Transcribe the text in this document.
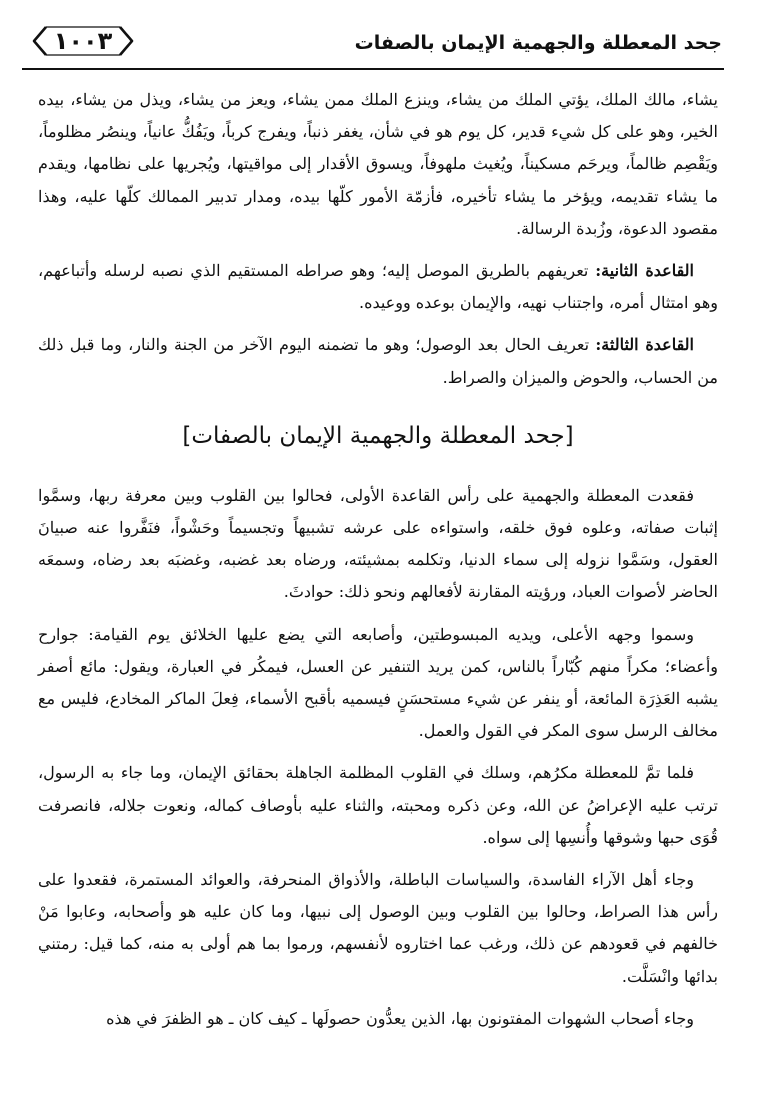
جحد المعطلة والجهمية الإيمان بالصفات
١٠٠٣

يشاء، مالك الملك، يؤتي الملك من يشاء، وينزع الملك ممن يشاء، ويعز من يشاء، ويذل من يشاء، بيده الخير، وهو على كل شيء قدير، كل يوم هو في شأن، يغفر ذنباً، ويفرج كرباً، ويَفُكُّ عانياً، وينصُر مظلوماً، ويَقْصِم ظالماً، ويرحَم مسكيناً، ويُغيث ملهوفاً، ويسوق الأقدار إلى مواقيتها، ويُجريها على نظامها، ويقدم ما يشاء تقديمه، ويؤخر ما يشاء تأخيره، فأزمّة الأمور كلّها بيده، ومدار تدبير الممالك كلّها عليه، وهذا مقصود الدعوة، وزُبدة الرسالة.

القاعدة الثانية: تعريفهم بالطريق الموصل إليه؛ وهو صراطه المستقيم الذي نصبه لرسله وأتباعهم، وهو امتثال أمره، واجتناب نهيه، والإيمان بوعده ووعيده.

القاعدة الثالثة: تعريف الحال بعد الوصول؛ وهو ما تضمنه اليوم الآخر من الجنة والنار، وما قبل ذلك من الحساب، والحوض والميزان والصراط.

[جحد المعطلة والجهمية الإيمان بالصفات]

فقعدت المعطلة والجهمية على رأس القاعدة الأولى، فحالوا بين القلوب وبين معرفة ربها، وسمَّوا إثبات صفاته، وعلوه فوق خلقه، واستواءه على عرشه تشبيهاً وتجسيماً وحَشْواً، فنَفَّروا عنه صبيانَ العقول، وسَمَّوا نزوله إلى سماء الدنيا، وتكلمه بمشيئته، ورضاه بعد غضبه، وغضبَه بعد رضاه، وسمعَه الحاضر لأصوات العباد، ورؤيته المقارنة لأفعالهم ونحو ذلك: حوادثَ.

وسموا وجهه الأعلى، ويديه المبسوطتين، وأصابعه التي يضع عليها الخلائق يوم القيامة: جوارح وأعضاء؛ مكراً منهم كُبّاراً بالناس، كمن يريد التنفير عن العسل، فيمكُر في العبارة، ويقول: مائع أصفر يشبه العَذِرَة المائعة، أو ينفر عن شيء مستحسَنٍ فيسميه بأقبح الأسماء، فِعلَ الماكر المخادع، فليس مع مخالف الرسل سوى المكر في القول والعمل.

فلما تمَّ للمعطلة مكرُهم، وسلك في القلوب المظلمة الجاهلة بحقائق الإيمان، وما جاء به الرسول، ترتب عليه الإعراضُ عن الله، وعن ذكره ومحبته، والثناء عليه بأوصاف كماله، ونعوت جلاله، فانصرفت قُوَى حبها وشوقها وأُنسِها إلى سواه.

وجاء أهل الآراء الفاسدة، والسياسات الباطلة، والأذواق المنحرفة، والعوائد المستمرة، فقعدوا على رأس هذا الصراط، وحالوا بين القلوب وبين الوصول إلى نبيها، وما كان عليه هو وأصحابه، وعابوا مَنْ خالفهم في قعودهم عن ذلك، ورغب عما اختاروه لأنفسهم، ورموا بما هم أولى به منه، كما قيل: رمتني بدائها وانْسَلَّت.

وجاء أصحاب الشهوات المفتونون بها، الذين يعدُّون حصولَها ـ كيف كان ـ هو الظفرَ في هذه
